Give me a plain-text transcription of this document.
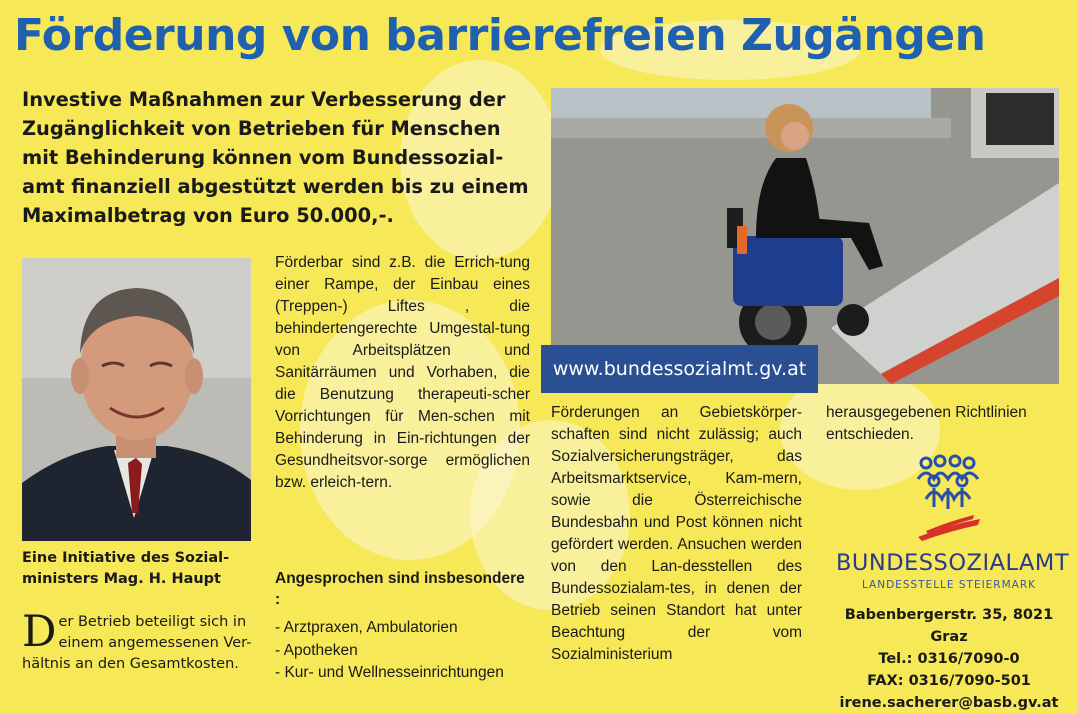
Förderung von barrierefreien Zugängen

Investive Maßnahmen zur Verbesserung der Zugänglichkeit von Betrieben für Menschen mit Behinderung können vom Bundessozial-amt finanziell abgestützt werden bis zu einem Maximalbetrag von Euro 50.000,-.

Eine Initiative des Sozial-ministers Mag. H. Haupt

Der Betrieb beteiligt sich in einem angemessenen Ver-hältnis an den Gesamtkosten.

Förderbar sind z.B. die Errich-tung einer Rampe, der Einbau eines (Treppen-) Liftes , die behindertengerechte Umgestal-tung von Arbeitsplätzen und Sanitärräumen und Vorhaben, die die Benutzung therapeuti-scher Vorrichtungen für Men-schen mit Behinderung in Ein-richtungen der Gesundheitsvor-sorge ermöglichen bzw. erleich-tern.

Angesprochen sind insbesondere :

- Arztpraxen, Ambulatorien
- Apotheken
- Kur- und Wellnesseinrichtungen
www.bundessozialmt.gv.at

Förderungen an Gebietskörper-schaften sind nicht zulässig; auch Sozialversicherungsträger, das Arbeitsmarktservice, Kam-mern, sowie die Österreichische Bundesbahn und Post können nicht gefördert werden. Ansuchen werden von den Lan-desstellen des Bundessozialam-tes, in denen der Betrieb seinen Standort hat unter Beachtung der vom Sozialministerium

herausgegebenen Richtlinien entschieden.

BUNDESSOZIALAMT

LANDESSTELLE STEIERMARK

Babenbergerstr. 35, 8021 Graz
Tel.: 0316/7090-0
FAX: 0316/7090-501
irene.sacherer@basb.gv.at
